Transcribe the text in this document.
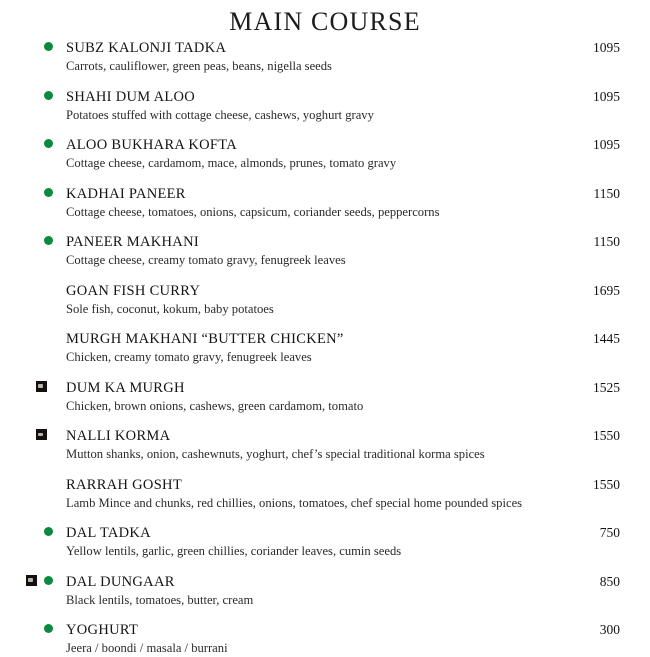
MAIN COURSE
SUBZ KALONJI TADKA	1095
Carrots, cauliflower, green peas, beans, nigella seeds
SHAHI DUM ALOO	1095
Potatoes stuffed with cottage cheese, cashews, yoghurt gravy
ALOO BUKHARA KOFTA	1095
Cottage cheese, cardamom, mace, almonds, prunes, tomato gravy
KADHAI PANEER	1150
Cottage cheese, tomatoes, onions, capsicum, coriander seeds, peppercorns
PANEER MAKHANI	1150
Cottage cheese, creamy tomato gravy, fenugreek leaves
GOAN FISH CURRY	1695
Sole fish, coconut, kokum, baby potatoes
MURGH MAKHANI “BUTTER CHICKEN”	1445
Chicken, creamy tomato gravy, fenugreek leaves
DUM KA MURGH	1525
Chicken, brown onions, cashews, green cardamom, tomato
NALLI KORMA	1550
Mutton shanks, onion, cashewnuts, yoghurt, chef’s special traditional korma spices
RARRAH GOSHT	1550
Lamb Mince and chunks, red chillies, onions, tomatoes, chef special home pounded spices
DAL TADKA	750
Yellow lentils, garlic, green chillies, coriander leaves, cumin seeds
DAL DUNGAAR	850
Black lentils, tomatoes, butter, cream
YOGHURT	300
Jeera / boondi / masala / burrani
